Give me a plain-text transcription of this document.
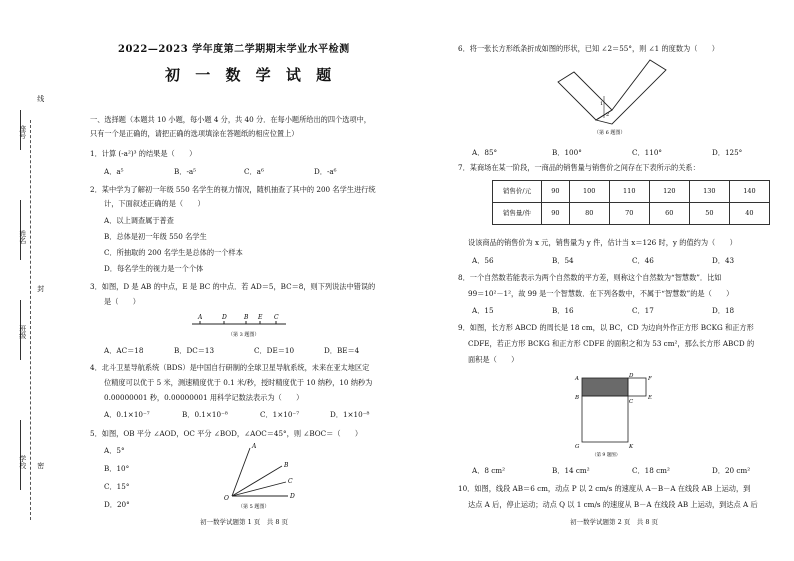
座号
线
姓名
封
班级
学校 密
2022—2023 学年度第二学期期末学业水平检测
初 一 数 学 试 题
一、选择题（本题共 10 小题，每小题 4 分，共 40 分．在每小题所给出的四个选项中，
只有一个是正确的，请把正确的选项填涂在答题纸的相应位置上）
1．计算 (-a²)³ 的结果是（　　）
A．a⁵	B．-a⁵	C．a⁶	D．-a⁶
2．某中学为了解初一年级 550 名学生的视力情况，随机抽查了其中的 200 名学生进行统
计，下面叙述正确的是（　　）
A．以上调查属于普查
B．总体是初一年级 550 名学生
C．所抽取的 200 名学生是总体的一个样本
D．每名学生的视力是一个个体
3．如图，D 是 AB 的中点，E 是 BC 的中点．若 AD＝5，BC＝8，则下列说法中错误的
是（　　）
A	D	B E C
（第 3 题图）
A．AC＝18	B．DC＝13	C．DE＝10	D．BE＝4
4．北斗卫星导航系统（BDS）是中国自行研制的全球卫星导航系统，未来在亚太地区定
位精度可以优于 5 米，测速精度优于 0.1 米/秒，授时精度优于 10 纳秒，10 纳秒为
0.00000001 秒，0.00000001 用科学记数法表示为（　　）
A．0.1×10⁻⁷	B．0.1×10⁻⁸	C．1×10⁻⁷	D．1×10⁻⁸
5．如图，OB 平分 ∠AOD，OC 平分 ∠BOD，∠AOC＝45°，则 ∠BOC＝（　　）
A．5°
B．10°
C．15°
D．20°
A
B
C
D
O
（第 5 题图）
初一数学试题第 1 页　共 8 页
6．将一张长方形纸条折成如图的形状，已知 ∠2＝55°，则 ∠1 的度数为（　　）
1
2
（第 6 题图）
A．85°	B．100°	C．110°	D．125°
7．某商场在某一阶段，一商品的销售量与销售价之间存在下表所示的关系：
销售价/元	90	100	110	120	130	140
销售量/件	90	80	70	60	50	40
设该商品的销售价为 x 元，销售量为 y 件，估计当 x＝126 时，y 的值约为（　　）
A．56	B．54	C．46	D．43
8．一个自然数若能表示为两个自然数的平方差，则称这个自然数为“智慧数”．比如
99＝10²－1²，故 99 是一个智慧数．在下列各数中，不属于“智慧数”的是（　　）
A．15	B．16	C．17	D．18
9．如图，长方形 ABCD 的周长是 18 cm，以 BC，CD 为边向外作正方形 BCKG 和正方形
CDFE，若正方形 BCKG 和正方形 CDFE 的面积之和为 53 cm²，那么长方形 ABCD 的
面积是（　　）
A	D	F
B
C
E
G	K
（第 9 题图）
A．8 cm²	B．14 cm²	C．18 cm²	D．20 cm²
10．如图，线段 AB＝6 cm，动点 P 以 2 cm/s 的速度从 A－B－A 在线段 AB 上运动，到
达点 A 后，停止运动；动点 Q 以 1 cm/s 的速度从 B－A 在线段 AB 上运动，到达点 A 后
初一数学试题第 2 页　共 8 页
